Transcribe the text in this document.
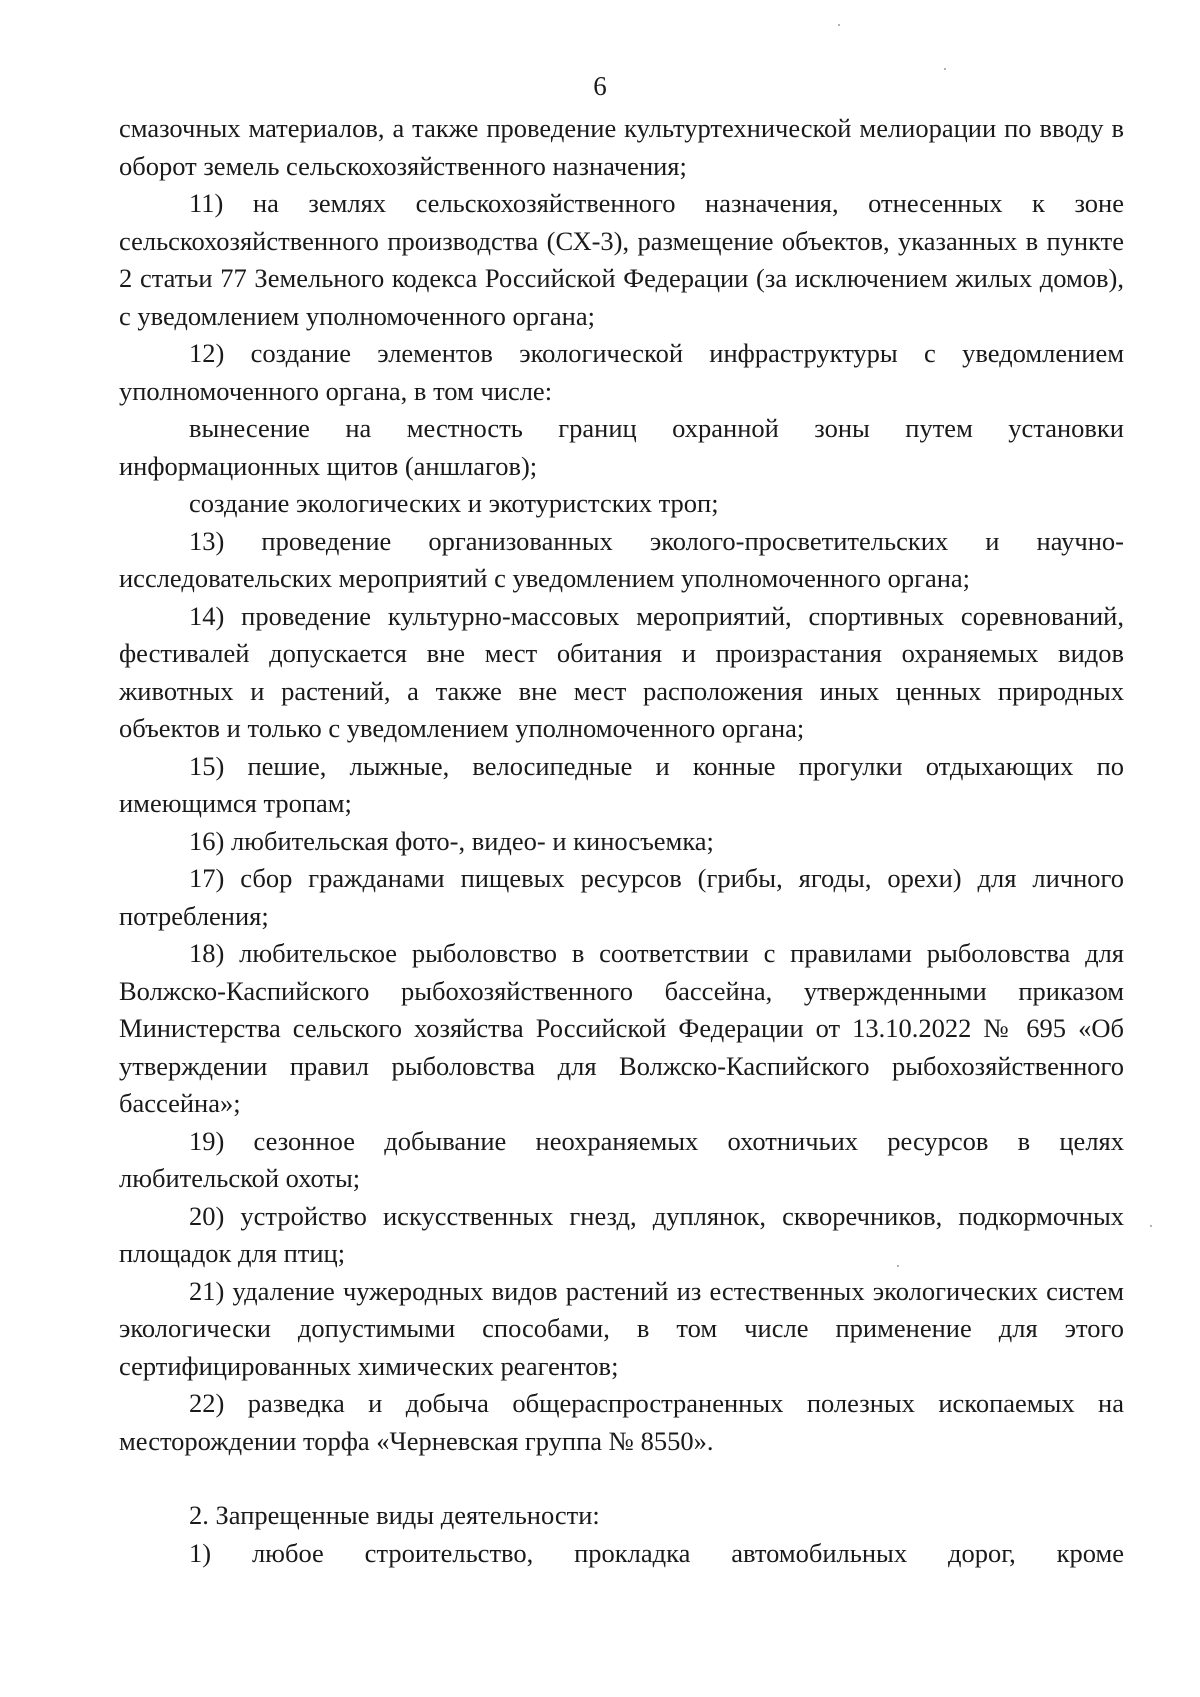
6

смазочных материалов, а также проведение культуртехнической мелиорации по вводу в оборот земель сельскохозяйственного назначения;

11) на землях сельскохозяйственного назначения, отнесенных к зоне сельскохозяйственного производства (СХ-3), размещение объектов, указанных в пункте 2 статьи 77 Земельного кодекса Российской Федерации (за исключением жилых домов), с уведомлением уполномоченного органа;

12) создание элементов экологической инфраструктуры с уведомлением уполномоченного органа, в том числе:

вынесение на местность границ охранной зоны путем установки информационных щитов (аншлагов);

создание экологических и экотуристских троп;

13) проведение организованных эколого-просветительских и научно-исследовательских мероприятий с уведомлением уполномоченного органа;

14) проведение культурно-массовых мероприятий, спортивных соревнований, фестивалей допускается вне мест обитания и произрастания охраняемых видов животных и растений, а также вне мест расположения иных ценных природных объектов и только с уведомлением уполномоченного органа;

15) пешие, лыжные, велосипедные и конные прогулки отдыхающих по имеющимся тропам;

16) любительская фото-, видео- и киносъемка;

17) сбор гражданами пищевых ресурсов (грибы, ягоды, орехи) для личного потребления;

18) любительское рыболовство в соответствии с правилами рыболовства для Волжско-Каспийского рыбохозяйственного бассейна, утвержденными приказом Министерства сельского хозяйства Российской Федерации от 13.10.2022 № 695 «Об утверждении правил рыболовства для Волжско-Каспийского рыбохозяйственного бассейна»;

19) сезонное добывание неохраняемых охотничьих ресурсов в целях любительской охоты;

20) устройство искусственных гнезд, дуплянок, скворечников, подкормочных площадок для птиц;

21) удаление чужеродных видов растений из естественных экологических систем экологически допустимыми способами, в том числе применение для этого сертифицированных химических реагентов;

22) разведка и добыча общераспространенных полезных ископаемых на месторождении торфа «Черневская группа № 8550».

2. Запрещенные виды деятельности:

1) любое строительство, прокладка автомобильных дорог, кроме
